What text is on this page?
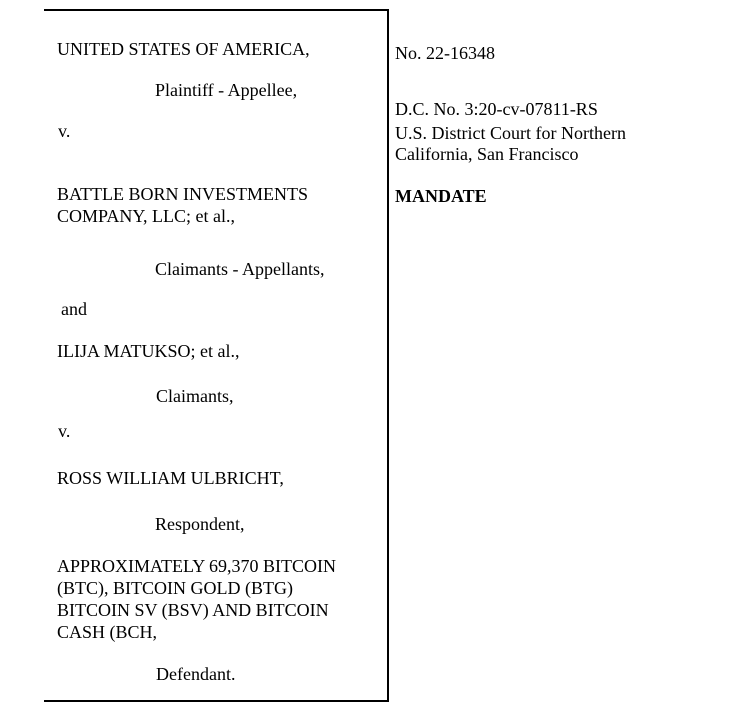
UNITED STATES OF AMERICA,
Plaintiff - Appellee,
v.
BATTLE BORN INVESTMENTS
COMPANY, LLC; et al.,
Claimants - Appellants,
and
ILIJA MATUKSO; et al.,
Claimants,
v.
ROSS WILLIAM ULBRICHT,
Respondent,
APPROXIMATELY 69,370 BITCOIN
(BTC), BITCOIN GOLD (BTG)
BITCOIN SV (BSV) AND BITCOIN
CASH (BCH,
Defendant.
No. 22-16348
D.C. No. 3:20-cv-07811-RS
U.S. District Court for Northern
California, San Francisco
MANDATE
